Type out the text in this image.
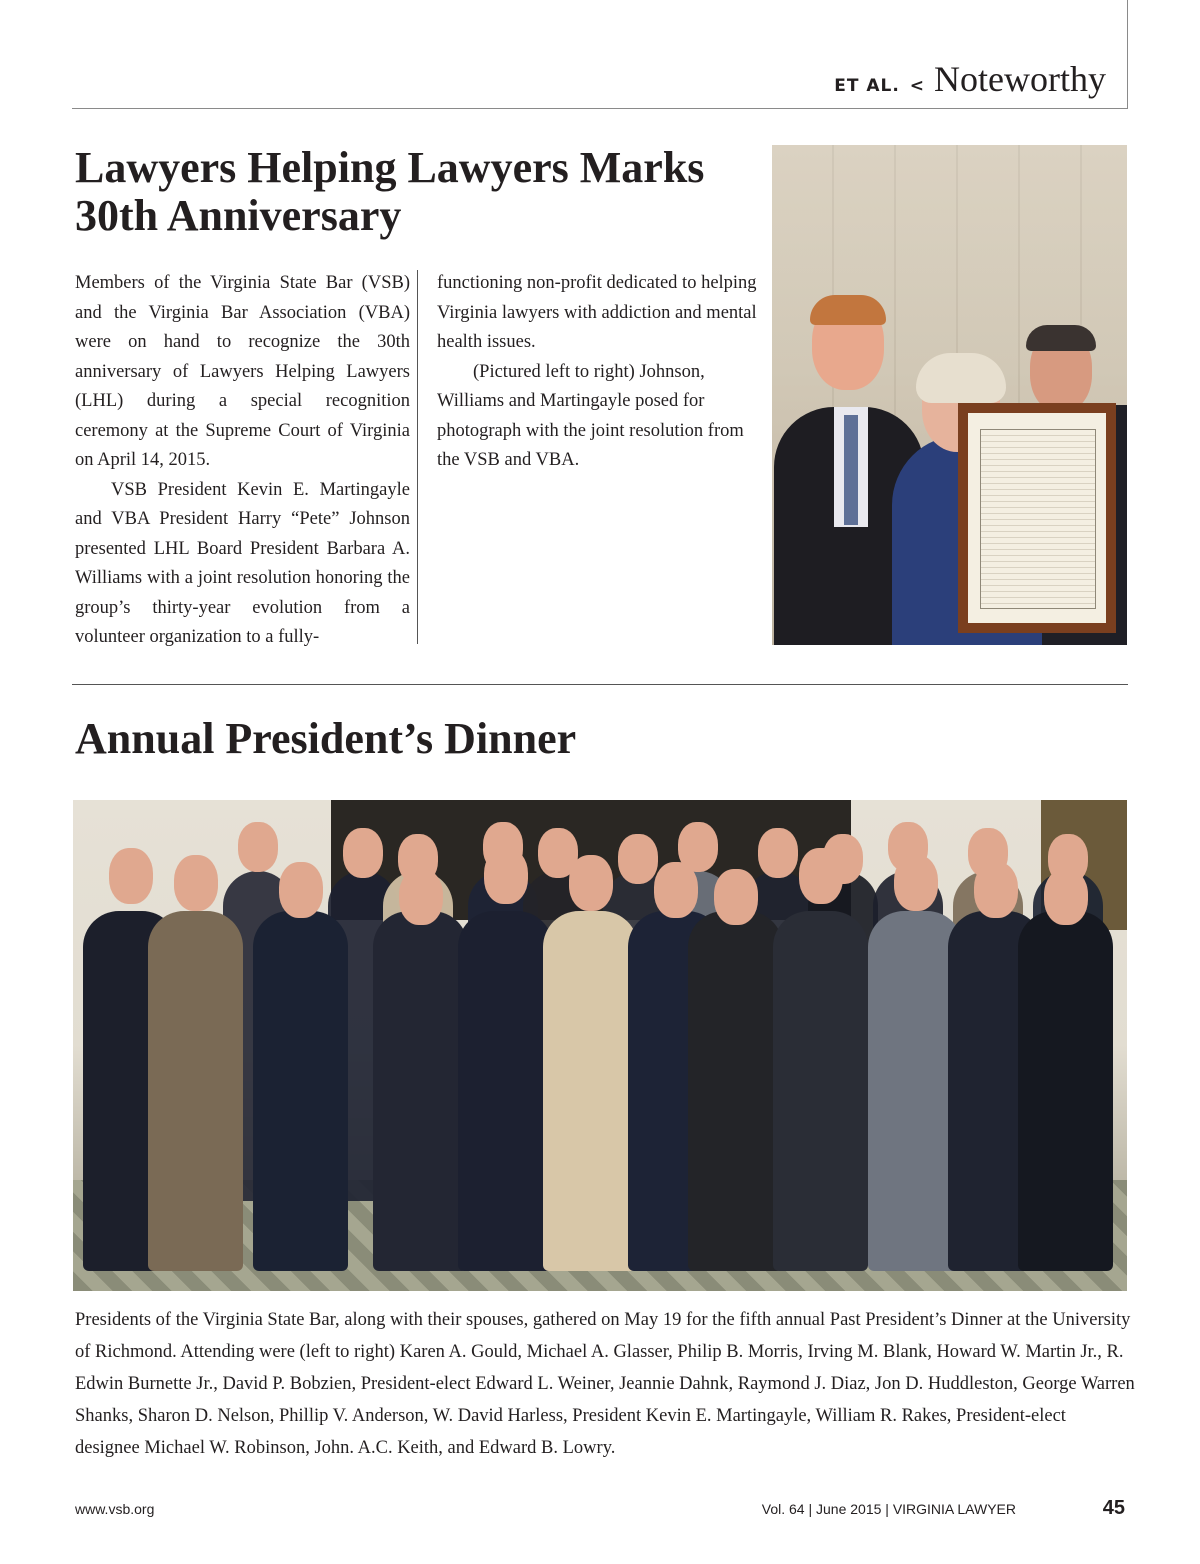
ET AL. < Noteworthy
Lawyers Helping Lawyers Marks 30th Anniversary

Members of the Virginia State Bar (VSB) and the Virginia Bar Association (VBA) were on hand to recognize the 30th anniversary of Lawyers Helping Lawyers (LHL) during a special recognition ceremony at the Supreme Court of Virginia on April 14, 2015.

VSB President Kevin E. Martingayle and VBA President Harry “Pete” Johnson presented LHL Board President Barbara A. Williams with a joint resolution honoring the group’s thirty-year evolution from a volunteer organization to a fully-

functioning non-profit dedicated to helping Virginia lawyers with addiction and mental health issues.

(Pictured left to right) Johnson, Williams and Martingayle posed for photograph with the joint resolution from the VSB and VBA.

Annual President’s Dinner

Presidents of the Virginia State Bar, along with their spouses, gathered on May 19 for the fifth annual Past President’s Dinner at the University of Richmond. Attending were (left to right) Karen A. Gould, Michael A. Glasser, Philip B. Morris, Irving M. Blank, Howard W. Martin Jr., R. Edwin Burnette Jr., David P. Bobzien, President-elect Edward L. Weiner, Jeannie Dahnk, Raymond J. Diaz, Jon D. Huddleston, George Warren Shanks, Sharon D. Nelson, Phillip V. Anderson, W. David Harless, President Kevin E. Martingayle, William R. Rakes, President-elect designee Michael W. Robinson, John. A.C. Keith, and Edward B. Lowry.

www.vsb.org	Vol. 64 | June 2015 | VIRGINIA LAWYER	45
